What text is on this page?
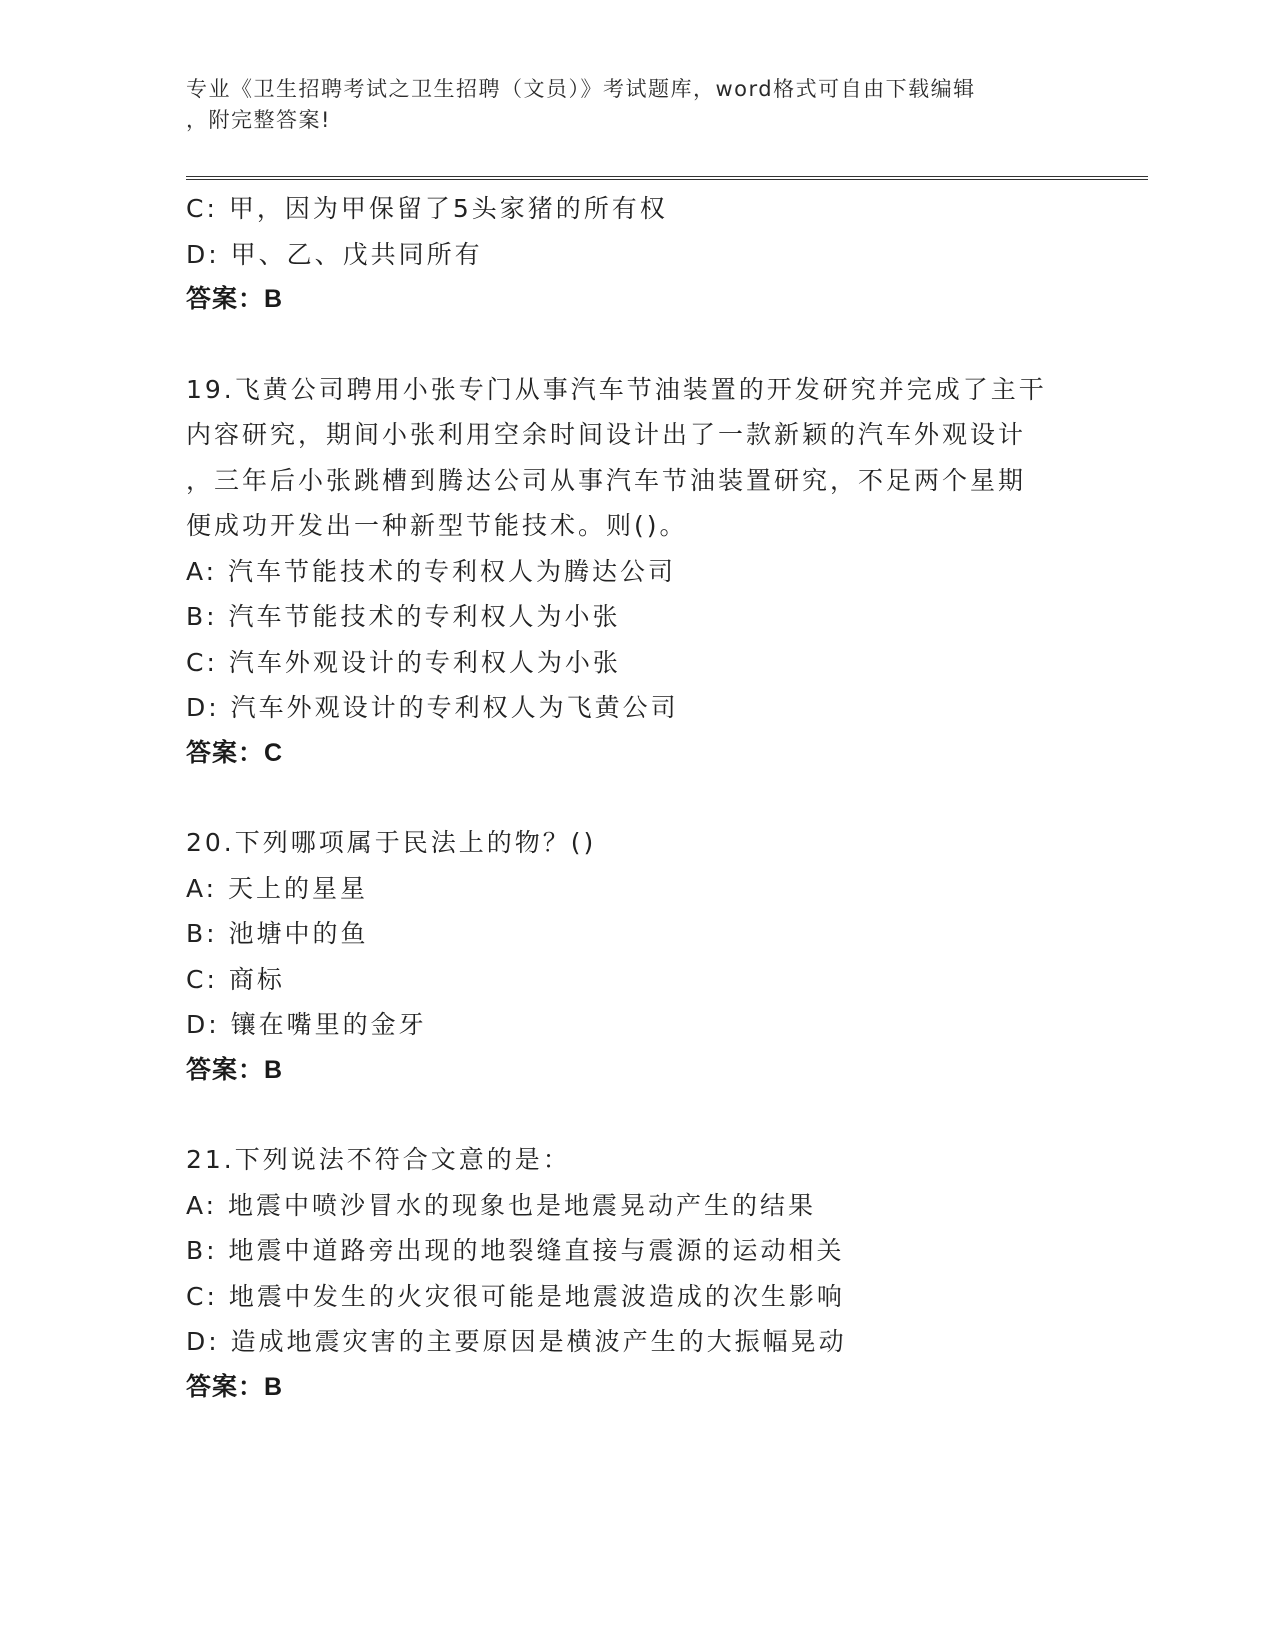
专业《卫生招聘考试之卫生招聘（文员）》考试题库，word格式可自由下载编辑
，附完整答案!
C: 甲，因为甲保留了5头家猪的所有权
D: 甲、乙、戊共同所有
答案：B
19.飞黄公司聘用小张专门从事汽车节油装置的开发研究并完成了主干
内容研究，期间小张利用空余时间设计出了一款新颖的汽车外观设计
，三年后小张跳槽到腾达公司从事汽车节油装置研究，不足两个星期
便成功开发出一种新型节能技术。则()。
A: 汽车节能技术的专利权人为腾达公司
B: 汽车节能技术的专利权人为小张
C: 汽车外观设计的专利权人为小张
D: 汽车外观设计的专利权人为飞黄公司
答案：C
20.下列哪项属于民法上的物？()
A: 天上的星星
B: 池塘中的鱼
C: 商标
D: 镶在嘴里的金牙
答案：B
21.下列说法不符合文意的是：
A: 地震中喷沙冒水的现象也是地震晃动产生的结果
B: 地震中道路旁出现的地裂缝直接与震源的运动相关
C: 地震中发生的火灾很可能是地震波造成的次生影响
D: 造成地震灾害的主要原因是横波产生的大振幅晃动
答案：B
